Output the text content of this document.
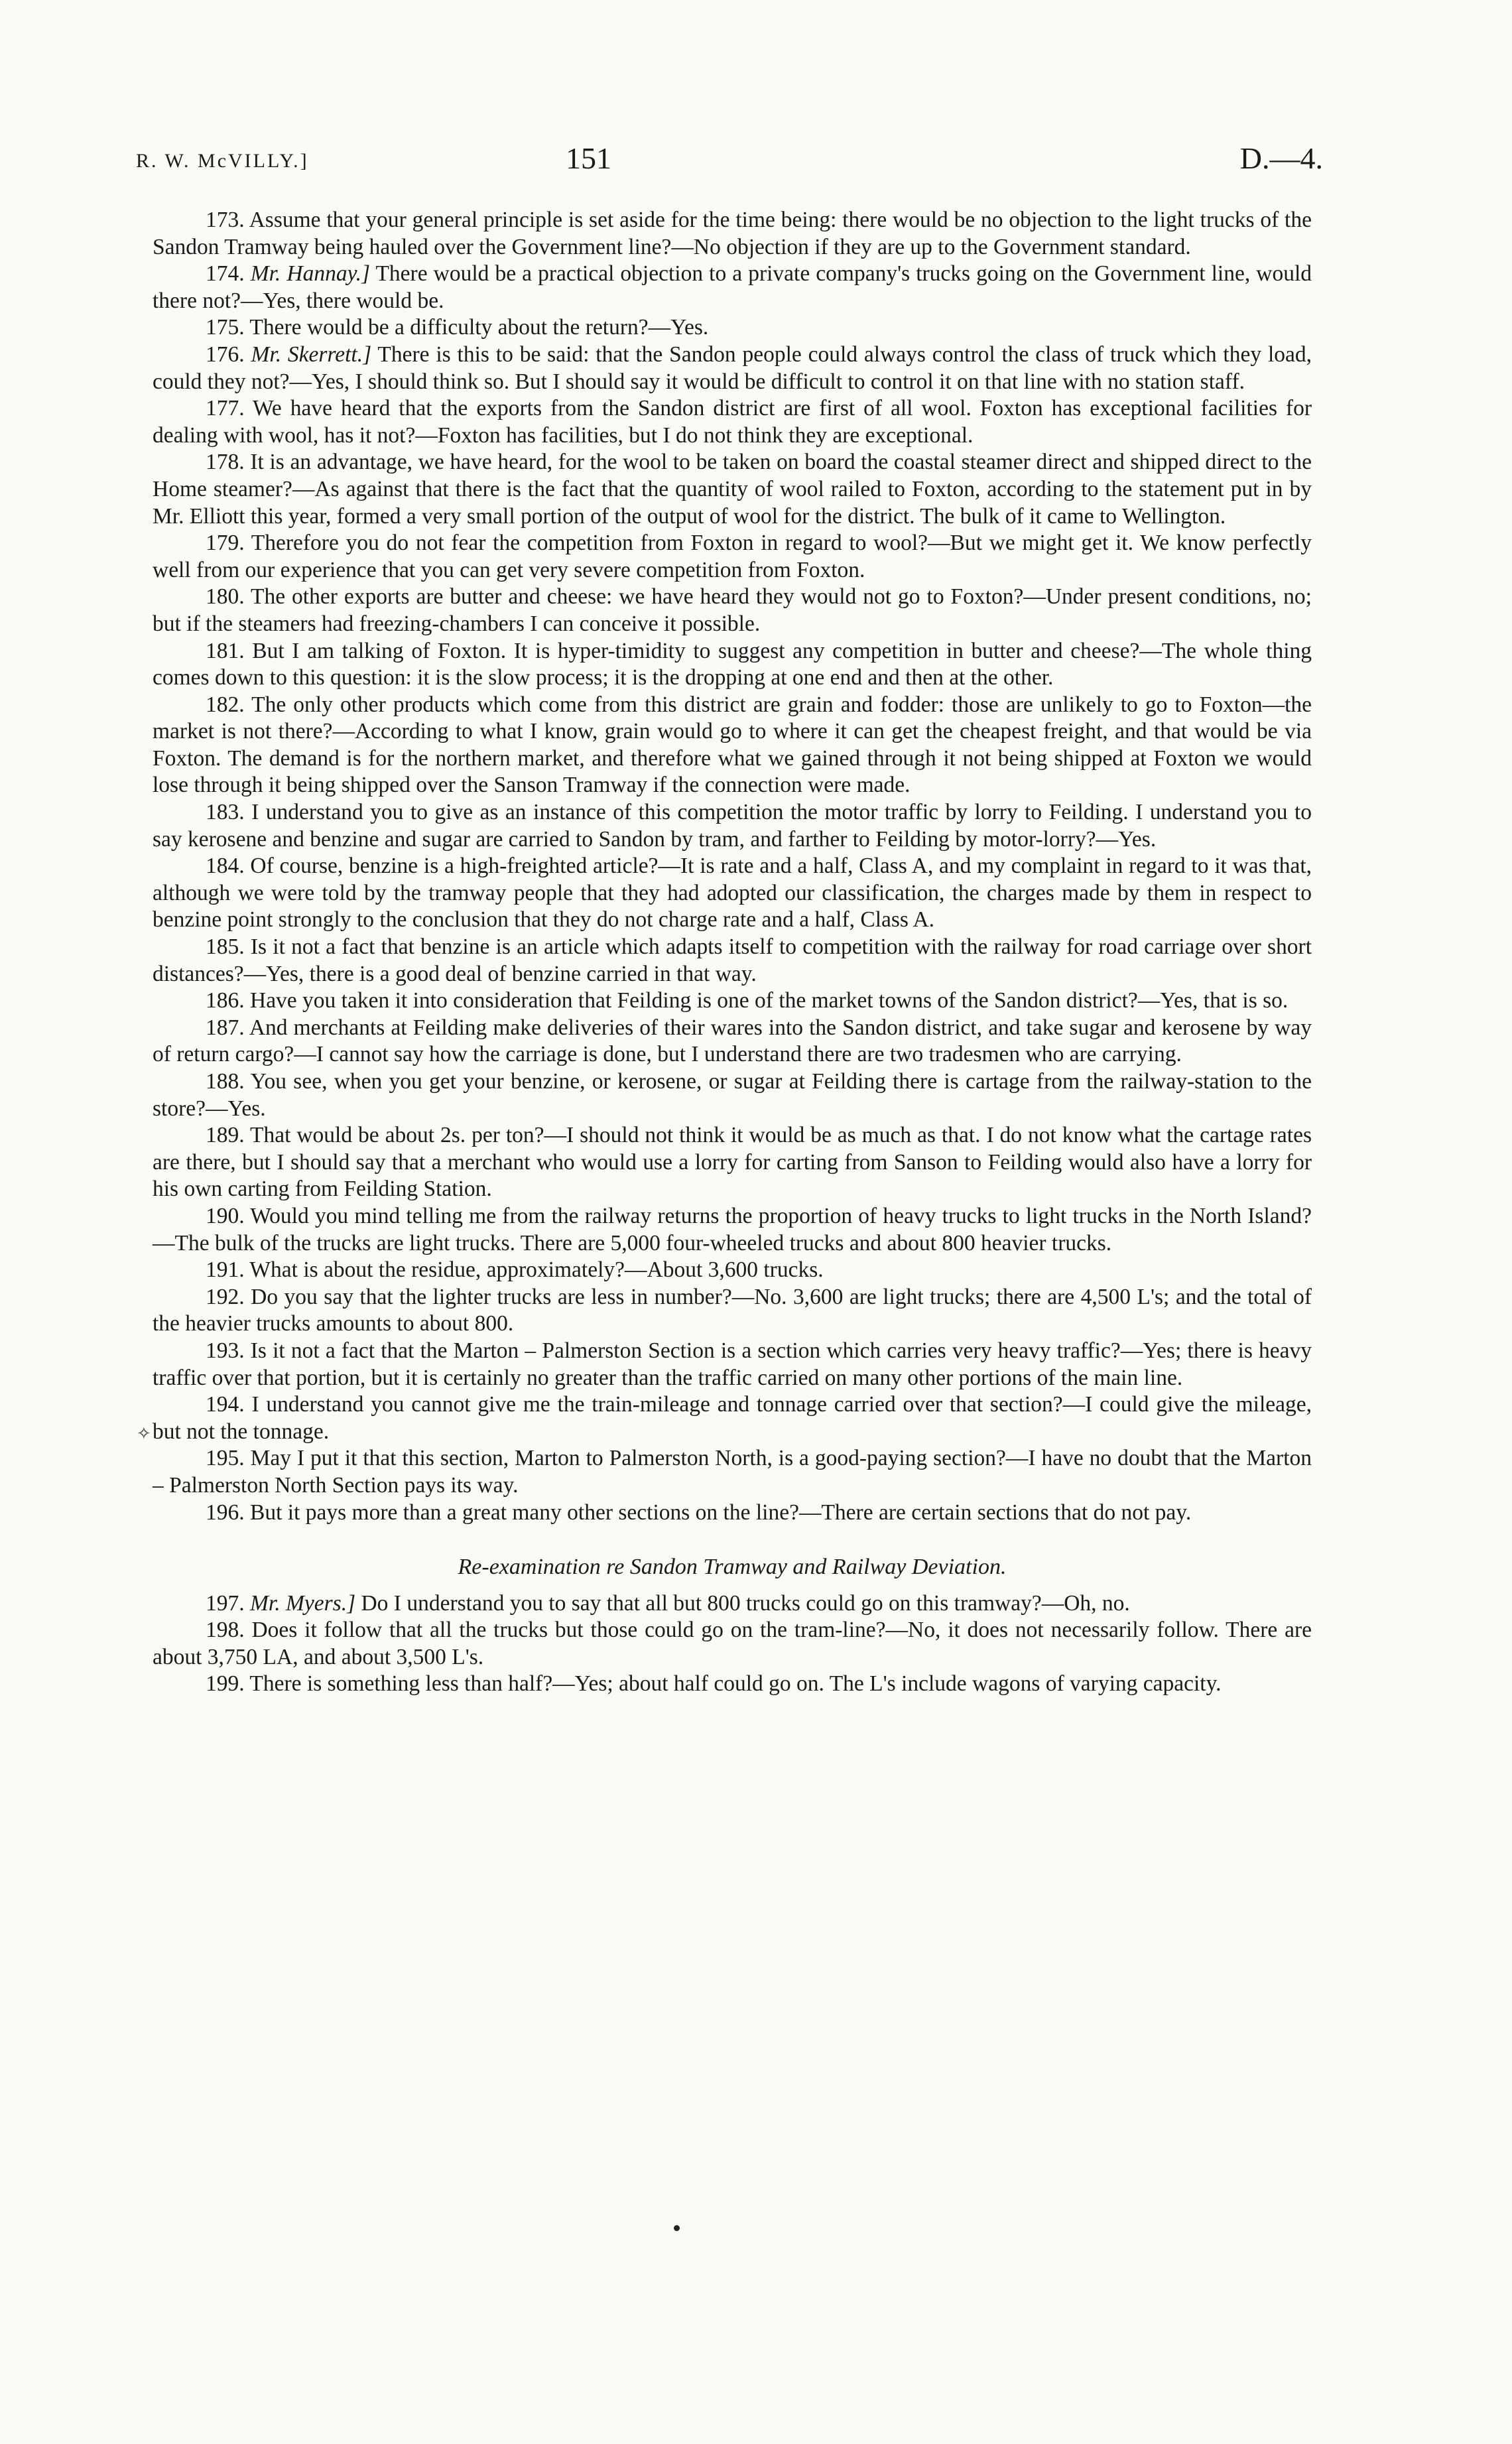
R. W. McVILLY.]	151	D.—4.
✧

173. Assume that your general principle is set aside for the time being: there would be no objection to the light trucks of the Sandon Tramway being hauled over the Government line?—No objection if they are up to the Government standard.

174. Mr. Hannay.] There would be a practical objection to a private company's trucks going on the Government line, would there not?—Yes, there would be.

175. There would be a difficulty about the return?—Yes.

176. Mr. Skerrett.] There is this to be said: that the Sandon people could always control the class of truck which they load, could they not?—Yes, I should think so. But I should say it would be difficult to control it on that line with no station staff.

177. We have heard that the exports from the Sandon district are first of all wool. Foxton has exceptional facilities for dealing with wool, has it not?—Foxton has facilities, but I do not think they are exceptional.

178. It is an advantage, we have heard, for the wool to be taken on board the coastal steamer direct and shipped direct to the Home steamer?—As against that there is the fact that the quantity of wool railed to Foxton, according to the statement put in by Mr. Elliott this year, formed a very small portion of the output of wool for the district. The bulk of it came to Wellington.

179. Therefore you do not fear the competition from Foxton in regard to wool?—But we might get it. We know perfectly well from our experience that you can get very severe competition from Foxton.

180. The other exports are butter and cheese: we have heard they would not go to Foxton?—Under present conditions, no; but if the steamers had freezing-chambers I can conceive it possible.

181. But I am talking of Foxton. It is hyper-timidity to suggest any competition in butter and cheese?—The whole thing comes down to this question: it is the slow process; it is the dropping at one end and then at the other.

182. The only other products which come from this district are grain and fodder: those are unlikely to go to Foxton—the market is not there?—According to what I know, grain would go to where it can get the cheapest freight, and that would be via Foxton. The demand is for the northern market, and therefore what we gained through it not being shipped at Foxton we would lose through it being shipped over the Sanson Tramway if the connection were made.

183. I understand you to give as an instance of this competition the motor traffic by lorry to Feilding. I understand you to say kerosene and benzine and sugar are carried to Sandon by tram, and farther to Feilding by motor-lorry?—Yes.

184. Of course, benzine is a high-freighted article?—It is rate and a half, Class A, and my complaint in regard to it was that, although we were told by the tramway people that they had adopted our classification, the charges made by them in respect to benzine point strongly to the conclusion that they do not charge rate and a half, Class A.

185. Is it not a fact that benzine is an article which adapts itself to competition with the railway for road carriage over short distances?—Yes, there is a good deal of benzine carried in that way.

186. Have you taken it into consideration that Feilding is one of the market towns of the Sandon district?—Yes, that is so.

187. And merchants at Feilding make deliveries of their wares into the Sandon district, and take sugar and kerosene by way of return cargo?—I cannot say how the carriage is done, but I understand there are two tradesmen who are carrying.

188. You see, when you get your benzine, or kerosene, or sugar at Feilding there is cartage from the railway-station to the store?—Yes.

189. That would be about 2s. per ton?—I should not think it would be as much as that. I do not know what the cartage rates are there, but I should say that a merchant who would use a lorry for carting from Sanson to Feilding would also have a lorry for his own carting from Feilding Station.

190. Would you mind telling me from the railway returns the proportion of heavy trucks to light trucks in the North Island?—The bulk of the trucks are light trucks. There are 5,000 four-wheeled trucks and about 800 heavier trucks.

191. What is about the residue, approximately?—About 3,600 trucks.

192. Do you say that the lighter trucks are less in number?—No. 3,600 are light trucks; there are 4,500 L's; and the total of the heavier trucks amounts to about 800.

193. Is it not a fact that the Marton – Palmerston Section is a section which carries very heavy traffic?—Yes; there is heavy traffic over that portion, but it is certainly no greater than the traffic carried on many other portions of the main line.

194. I understand you cannot give me the train-mileage and tonnage carried over that section?—I could give the mileage, but not the tonnage.

195. May I put it that this section, Marton to Palmerston North, is a good-paying section?—I have no doubt that the Marton – Palmerston North Section pays its way.

196. But it pays more than a great many other sections on the line?—There are certain sections that do not pay.

Re-examination re Sandon Tramway and Railway Deviation.

197. Mr. Myers.] Do I understand you to say that all but 800 trucks could go on this tramway?—Oh, no.

198. Does it follow that all the trucks but those could go on the tram-line?—No, it does not necessarily follow. There are about 3,750 LA, and about 3,500 L's.

199. There is something less than half?—Yes; about half could go on. The L's include wagons of varying capacity.
